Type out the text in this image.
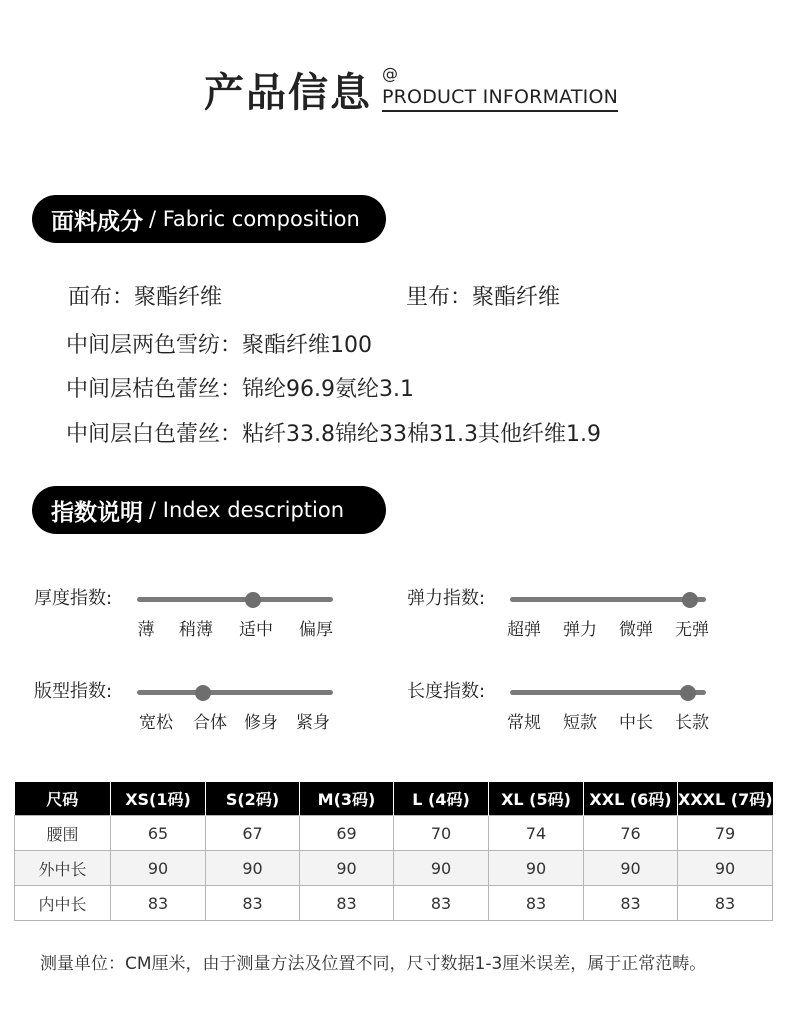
产品信息 @
PRODUCT INFORMATION
面料成分 / Fabric composition
面布：聚酯纤维	里布：聚酯纤维
中间层两色雪纺：聚酯纤维100
中间层桔色蕾丝：锦纶96.9氨纶3.1
中间层白色蕾丝：粘纤33.8锦纶33棉31.3其他纤维1.9
指数说明 / Index description
厚度指数:
薄 稍薄 适中 偏厚
弹力指数:
超弹 弹力 微弹 无弹
版型指数:
宽松 合体 修身 紧身
长度指数:
常规 短款 中长 长款
尺码	XS(1码)	S(2码)	M(3码)	L (4码)	XL (5码)	XXL (6码)	XXXL (7码)
腰围	65	67	69	70	74	76	79
外中长	90	90	90	90	90	90	90
内中长	83	83	83	83	83	83	83
测量单位：CM厘米，由于测量方法及位置不同，尺寸数据1-3厘米误差，属于正常范畴。
